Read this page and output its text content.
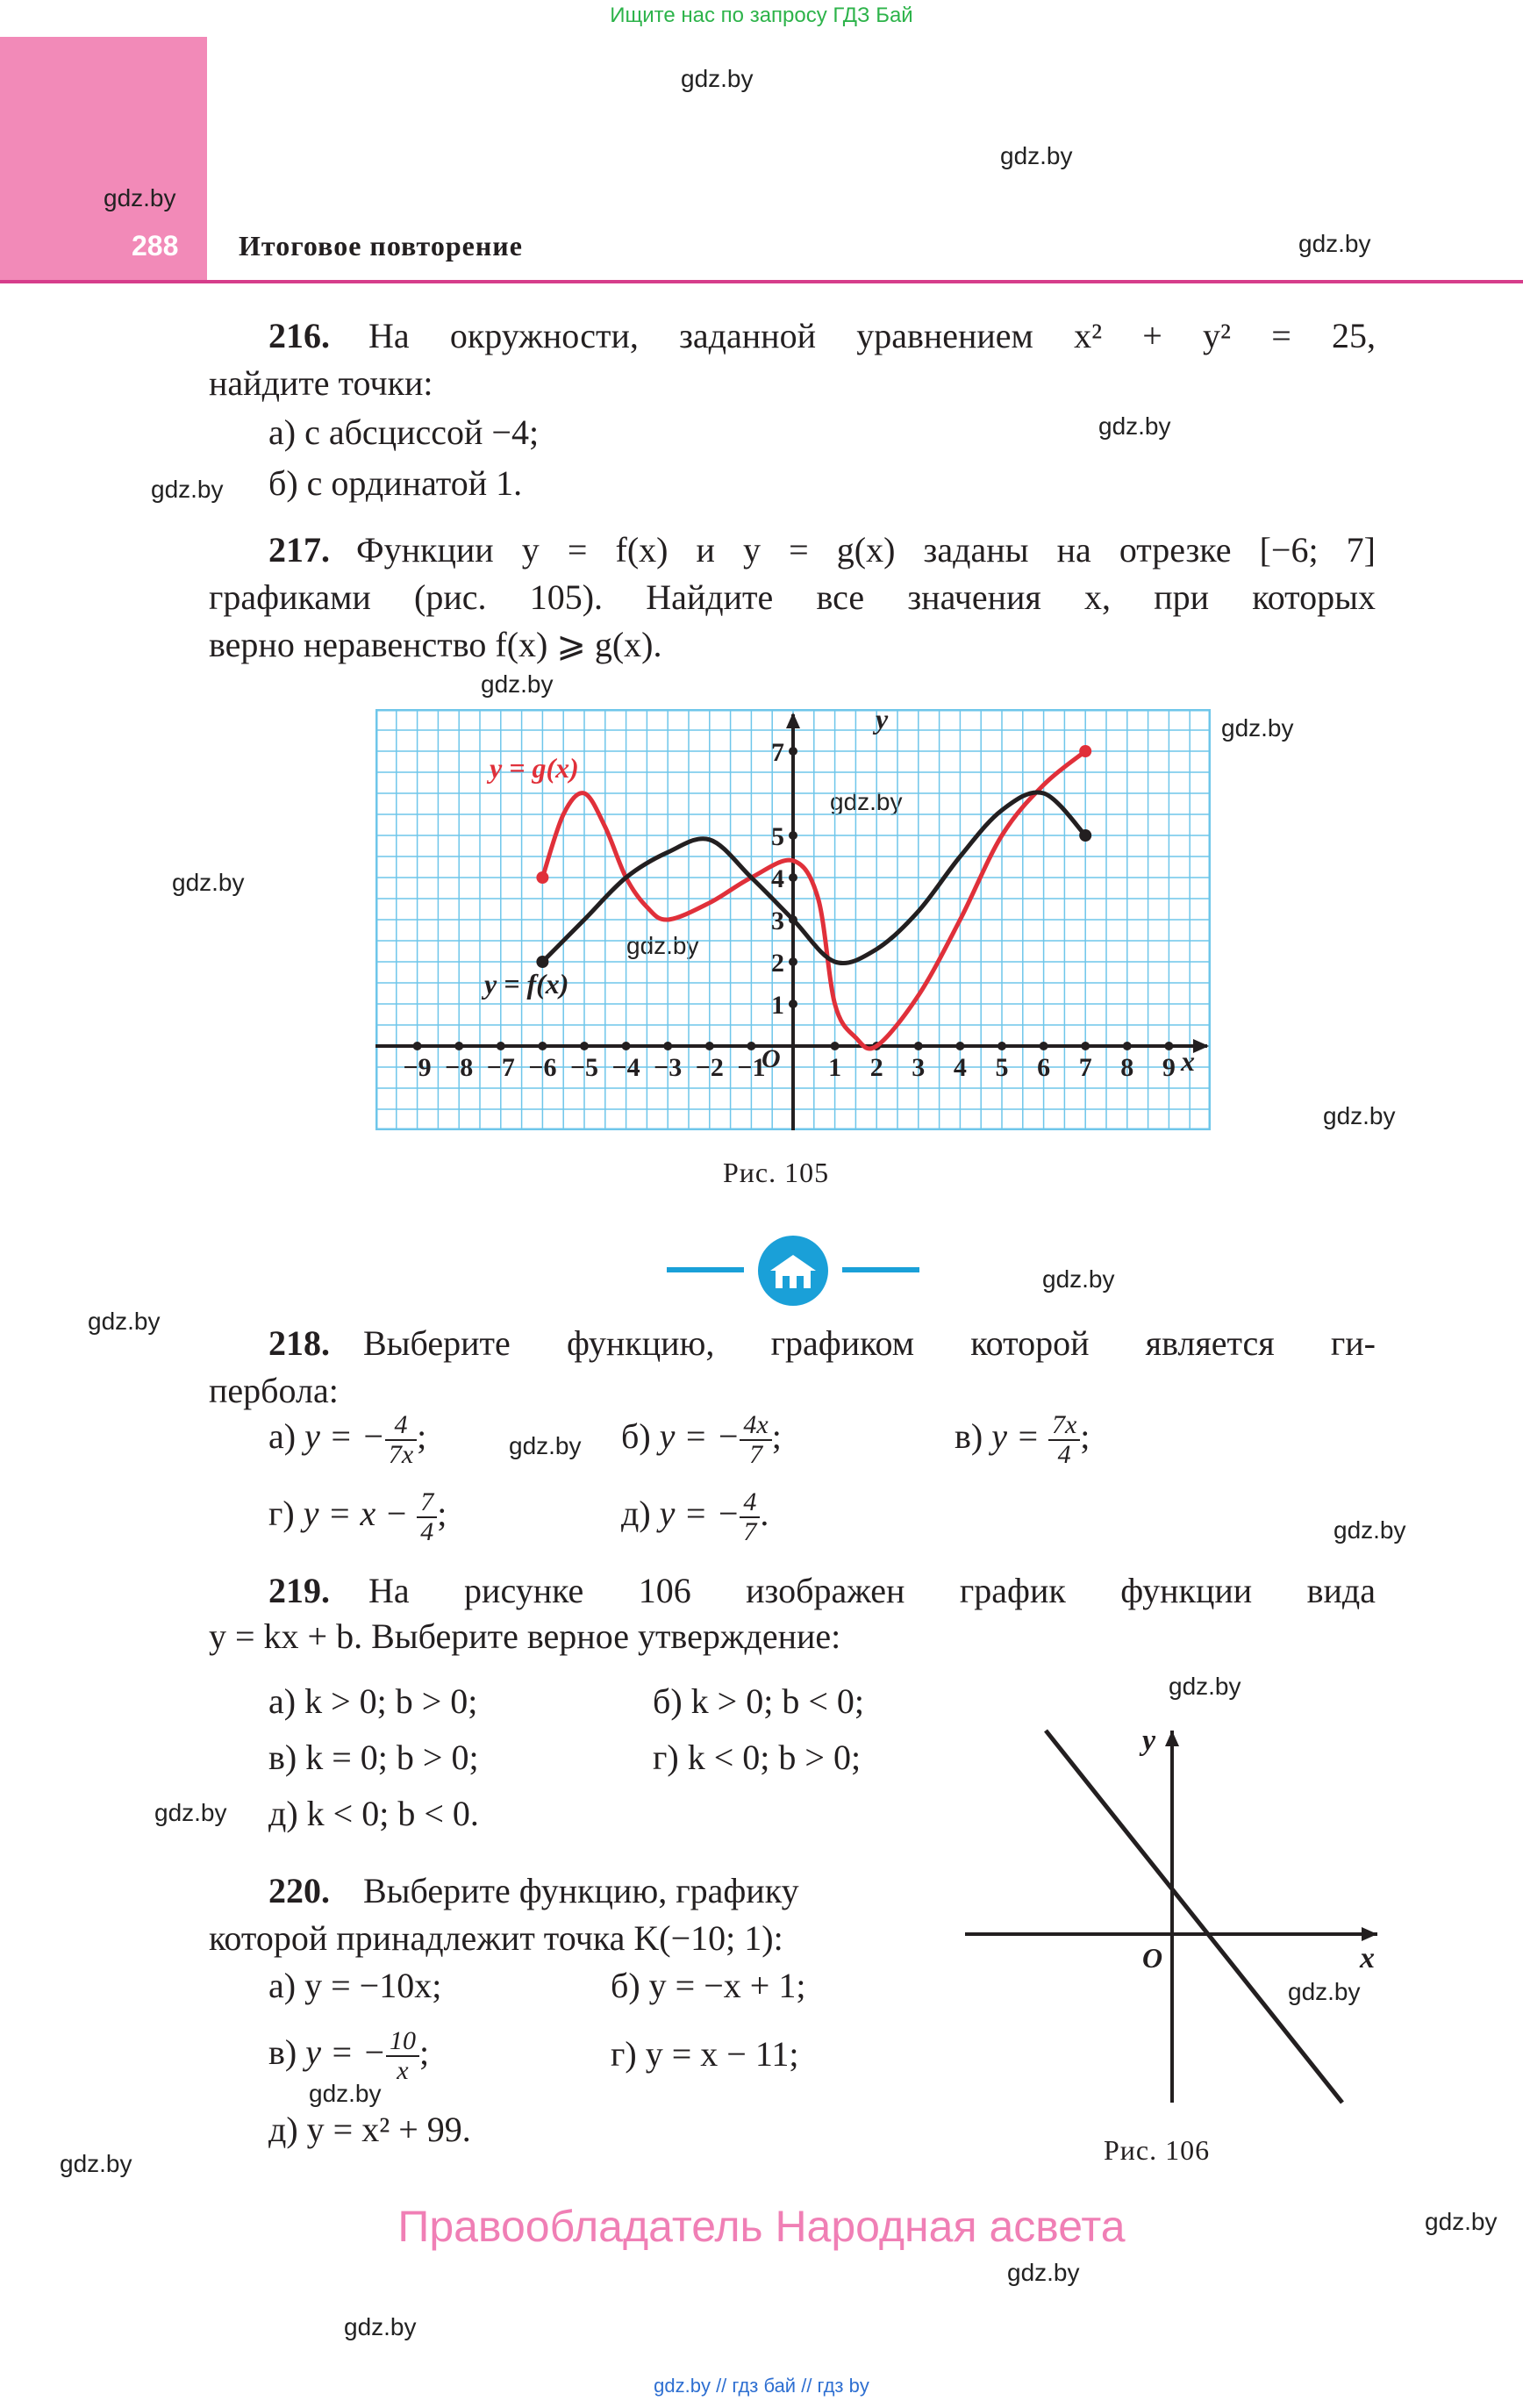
Ищите нас по запросу ГДЗ Бай
288 Итоговое повторение
gdz.by
gdz.by
gdz.by
gdz.by
gdz.by
gdz.by
gdz.by
gdz.by
gdz.by
gdz.by
gdz.by
gdz.by
gdz.by
gdz.by
gdz.by
gdz.by
gdz.by
gdz.by
gdz.by
gdz.by
gdz.by
gdz.by
gdz.by
gdz.by
216. На окружности, заданной уравнением x² + y² = 25,
найдите точки:
а) с абсциссой −4;
б) с ординатой 1.
217. Функции y = f(x) и y = g(x) заданы на отрезке [−6; 7]
графиками (рис. 105). Найдите все значения x, при которых
верно неравенство f(x) ⩾ g(x).
−9 −8 −7 −6 −5 −4 −3 −2 −1 1 2 3 4 5 6 7 8 9
1
2
3
4
5
7
y
x
O
y = g(x)
y = f(x)
Рис. 105
218. Выберите функцию, графиком которой является ги-
пербола:
а) y = − $\frac{4}{7x}$ ;	б) y = − $\frac{4x}{7}$ ;	в) $y = \frac{7x}{4}$ ;
г) $y = x - \frac{7}{4}$ ;	д) y = − $\frac{4}{7}$ .
219. На рисунке 106 изображен график функции вида
y = kx + b. Выберите верное утверждение:
а) k > 0; b > 0;	б) k > 0; b < 0;
в) k = 0; b > 0;	г) k < 0; b > 0;
д) k < 0; b < 0.
220. Выберите функцию, графику
которой принадлежит точка K(−10; 1):
а) y = −10x;	б) y = −x + 1;
в) y = − $\frac{10}{x}$ ;	г) y = x − 11;
д) y = x² + 99.
y
x
O
Рис. 106
Правообладатель Народная асвета
gdz.by // гдз бай // гдз by
